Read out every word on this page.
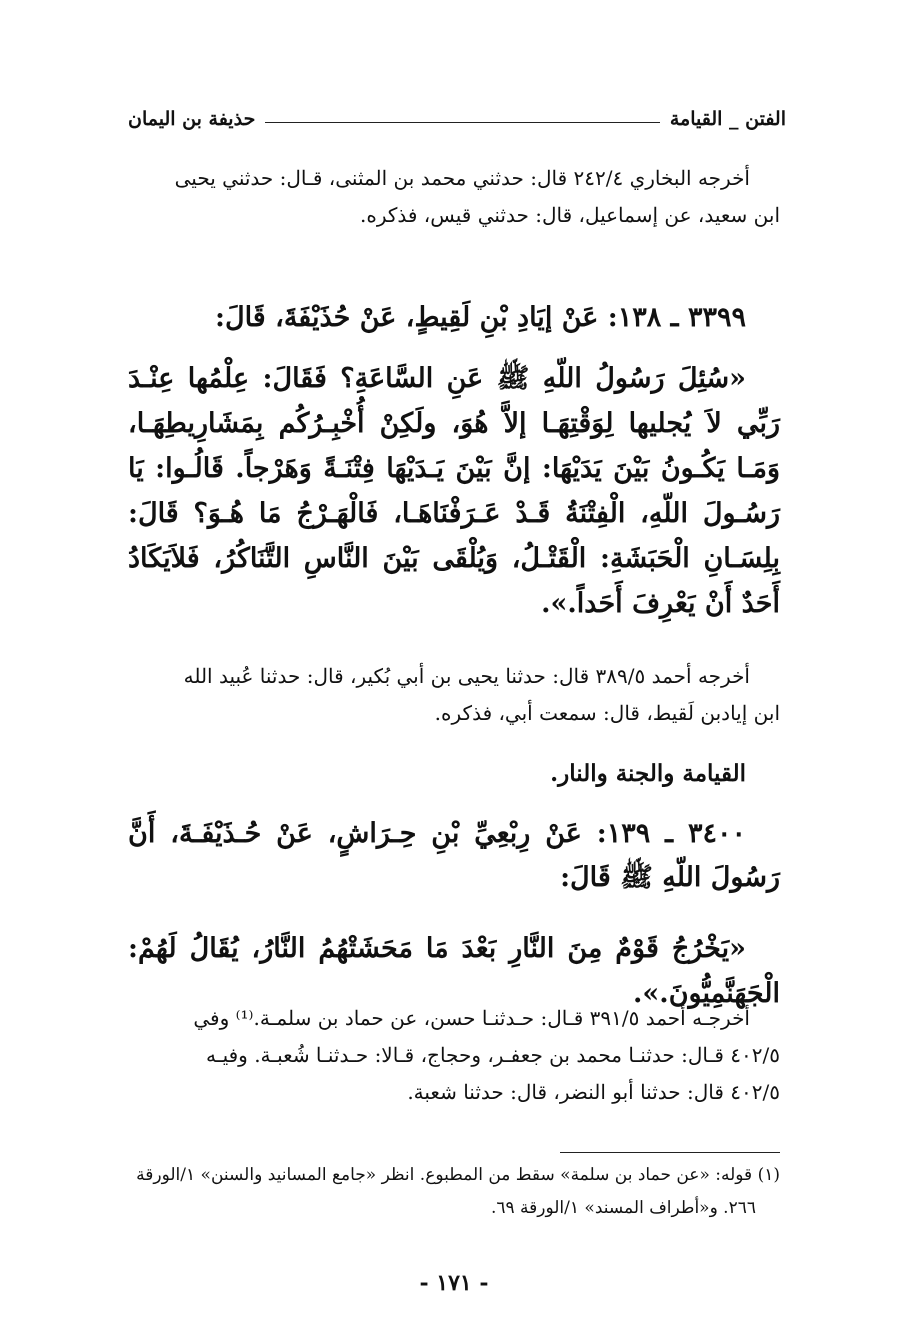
الفتن _ القيامة
حذيفة بن اليمان

أخرجه البخاري ٢٤٢/٤ قال: حدثني محمد بن المثنى، قـال: حدثني يحيى

ابن سعيد، عن إسماعيل، قال: حدثني قيس، فذكره.

٣٣٩٩ ـ ١٣٨: عَنْ إيَادِ بْنِ لَقِيطٍ، عَنْ حُذَيْفَةَ، قَالَ:

«سُئِلَ رَسُولُ اللّهِ ﷺ عَنِ السَّاعَةِ؟ فَقَالَ: عِلْمُها عِنْـدَ رَبِّي لاَ يُجليها لِوَقْتِهَـا إلاَّ هُوَ، ولَكِنْ أُخْبِـرُكُم بِمَشَارِيطِهَـا، وَمَـا يَكُـونُ بَيْنَ يَدَيْهَا: إنَّ بَيْنَ يَـدَيْهَا فِتْنَـةً وَهَرْجاً. قَالُـوا: يَا رَسُـولَ اللّهِ، الْفِتْنَةُ قَـدْ عَـرَفْنَاهَـا، فَالْهَـرْجُ مَا هُـوَ؟ قَالَ: بِلِسَـانِ الْحَبَشَةِ: الْقَتْـلُ، وَيُلْقَى بَيْنَ النَّاسِ التَّنَاكُرُ، فَلاَيَكَادُ أَحَدٌ أَنْ يَعْرِفَ أَحَداً.».

أخرجه أحمد ٣٨٩/٥ قال: حدثنا يحيى بن أبي بُكير، قال: حدثنا عُبيد الله

ابن إيادبن لَقيط، قال: سمعت أبي، فذكره.

القيامة والجنة والنار.

٣٤٠٠ ـ ١٣٩: عَنْ رِبْعِيِّ بْنِ حِـرَاشٍ، عَنْ حُـذَيْفَـةَ، أَنَّ رَسُولَ اللّهِ ﷺ قَالَ:

«يَخْرُجُ قَوْمٌ مِنَ النَّارِ بَعْدَ مَا مَحَشَتْهُمُ النَّارُ، يُقَالُ لَهُمْ: الْجَهَنَّمِيُّونَ.».

أخرجـه أحمد ٣٩١/٥ قـال: حـدثنـا حسن، عن حماد بن سلمـة.⁽¹⁾ وفي

٤٠٢/٥ قـال: حدثنـا محمد بن جعفـر، وحجاج، قـالا: حـدثنـا شُعبـة. وفيـه

٤٠٢/٥ قال: حدثنا أبو النضر، قال: حدثنا شعبة.

(١) قوله: «عن حماد بن سلمة» سقط من المطبوع. انظر «جامع المسانيد والسنن» ١/الورقة

٢٦٦. و«أطراف المسند» ١/الورقة ٦٩.

- ١٧١ -
